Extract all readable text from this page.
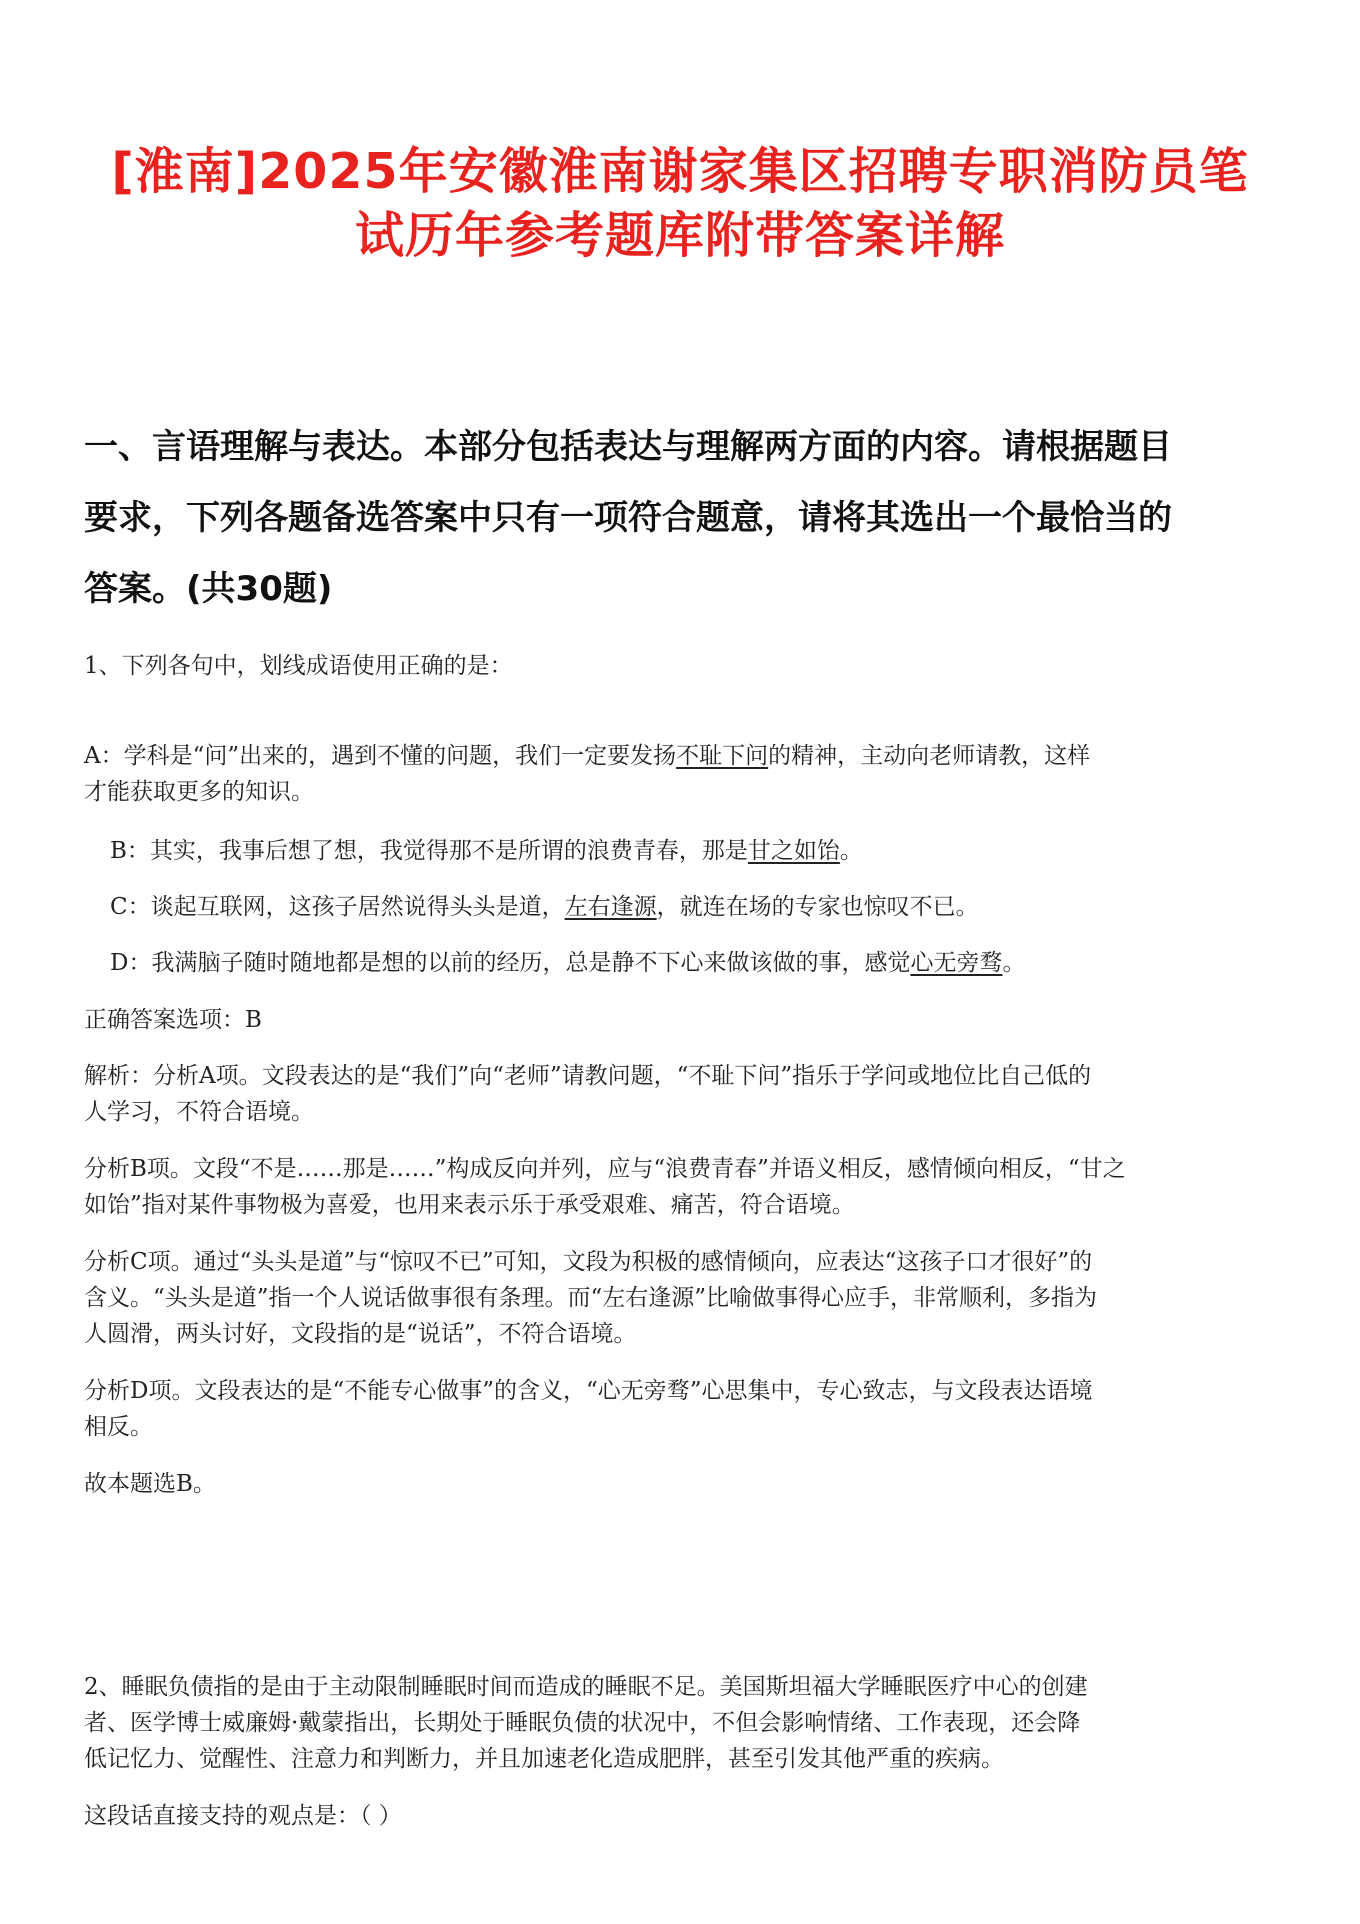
[淮南]2025年安徽淮南谢家集区招聘专职消防员笔
试历年参考题库附带答案详解
一、言语理解与表达。本部分包括表达与理解两方面的内容。请根据题目
要求，下列各题备选答案中只有一项符合题意，请将其选出一个最恰当的
答案。(共30题)
1、下列各句中，划线成语使用正确的是：
A：学科是“问”出来的，遇到不懂的问题，我们一定要发扬不耻下问的精神，主动向老师请教，这样
才能获取更多的知识。
B：其实，我事后想了想，我觉得那不是所谓的浪费青春，那是甘之如饴。
C：谈起互联网，这孩子居然说得头头是道，左右逢源，就连在场的专家也惊叹不已。
D：我满脑子随时随地都是想的以前的经历，总是静不下心来做该做的事，感觉心无旁骛。
正确答案选项：B
解析：分析A项。文段表达的是“我们”向“老师”请教问题，“不耻下问”指乐于学问或地位比自己低的
人学习，不符合语境。
分析B项。文段“不是……那是……”构成反向并列，应与“浪费青春”并语义相反，感情倾向相反，“甘之
如饴”指对某件事物极为喜爱，也用来表示乐于承受艰难、痛苦，符合语境。
分析C项。通过“头头是道”与“惊叹不已”可知，文段为积极的感情倾向，应表达“这孩子口才很好”的
含义。“头头是道”指一个人说话做事很有条理。而“左右逢源”比喻做事得心应手，非常顺利，多指为
人圆滑，两头讨好，文段指的是“说话”，不符合语境。
分析D项。文段表达的是“不能专心做事”的含义，“心无旁骛”心思集中，专心致志，与文段表达语境
相反。
故本题选B。
2、睡眠负债指的是由于主动限制睡眠时间而造成的睡眠不足。美国斯坦福大学睡眠医疗中心的创建
者、医学博士威廉姆·戴蒙指出，长期处于睡眠负债的状况中，不但会影响情绪、工作表现，还会降
低记忆力、觉醒性、注意力和判断力，并且加速老化造成肥胖，甚至引发其他严重的疾病。
这段话直接支持的观点是：（ ）
